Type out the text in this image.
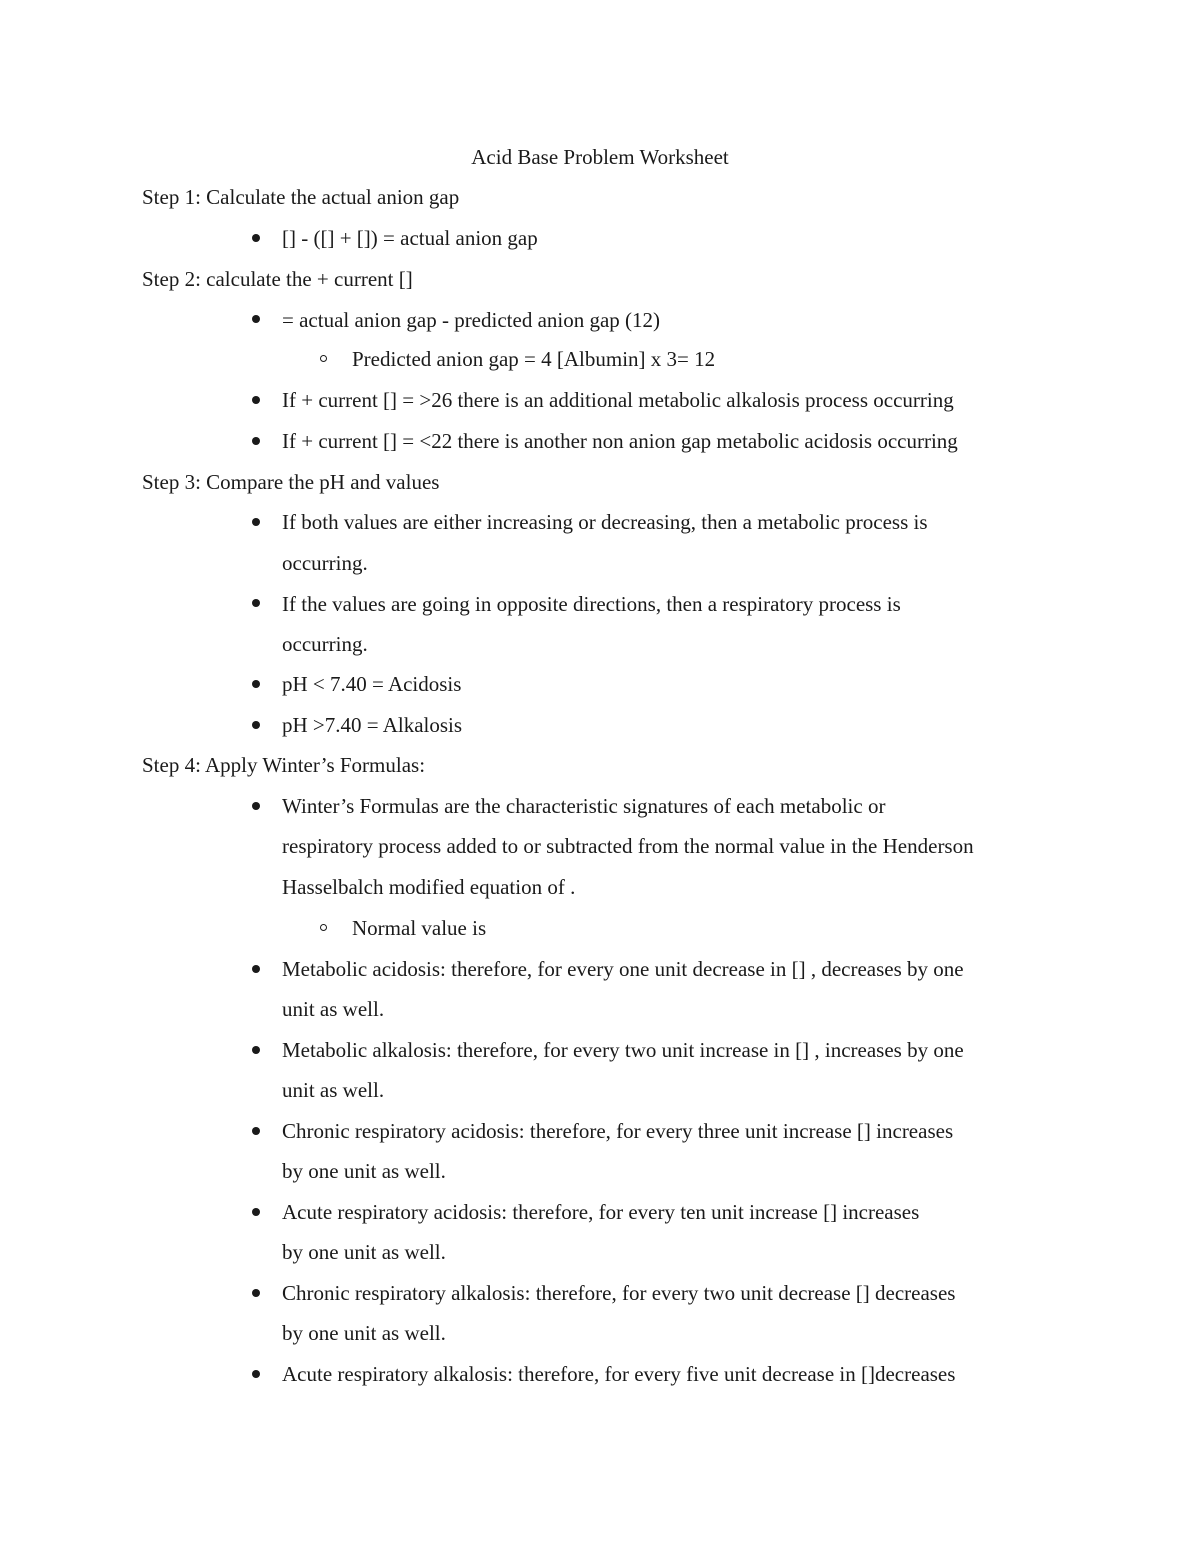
Acid Base Problem Worksheet
Step 1: Calculate the actual anion gap
[] - ([] + []) = actual anion gap
Step 2: calculate the + current []
= actual anion gap - predicted anion gap (12)
Predicted anion gap = 4 [Albumin] x 3= 12
If + current [] = >26 there is an additional metabolic alkalosis process occurring
If + current [] = <22 there is another non anion gap metabolic acidosis occurring
Step 3: Compare the pH and values
If both values are either increasing or decreasing, then a metabolic process is
occurring.
If the values are going in opposite directions, then a respiratory process is
occurring.
pH < 7.40 = Acidosis
pH >7.40 = Alkalosis
Step 4: Apply Winter’s Formulas:
Winter’s Formulas are the characteristic signatures of each metabolic or
respiratory process added to or subtracted from the normal value in the Henderson
Hasselbalch modified equation of .
Normal value is
Metabolic acidosis: therefore, for every one unit decrease in [] , decreases by one
unit as well.
Metabolic alkalosis: therefore, for every two unit increase in [] , increases by one
unit as well.
Chronic respiratory acidosis: therefore, for every three unit increase [] increases
by one unit as well.
Acute respiratory acidosis: therefore, for every ten unit increase [] increases
by one unit as well.
Chronic respiratory alkalosis: therefore, for every two unit decrease [] decreases
by one unit as well.
Acute respiratory alkalosis: therefore, for every five unit decrease in []decreases
